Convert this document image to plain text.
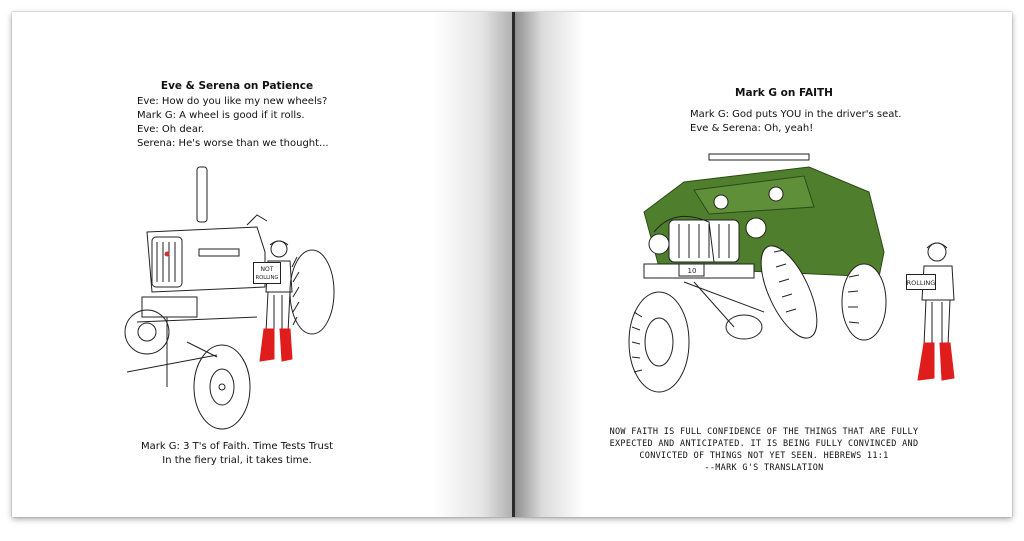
Eve & Serena on Patience
Eve: How do you like my new wheels?
Mark G: A wheel is good if it rolls.
Eve: Oh dear.
Serena: He's worse than we thought...
NOT
ROLLING
Mark G: 3 T's of Faith. Time Tests Trust
In the fiery trial, it takes time.
Mark G on FAITH
Mark G: God puts YOU in the driver's seat.
Eve & Serena: Oh, yeah!
10
ROLLING
NOW FAITH IS FULL CONFIDENCE OF THE THINGS THAT ARE FULLY
EXPECTED AND ANTICIPATED. IT IS BEING FULLY CONVINCED AND
CONVICTED OF THINGS NOT YET SEEN. HEBREWS 11:1
--MARK G'S TRANSLATION
